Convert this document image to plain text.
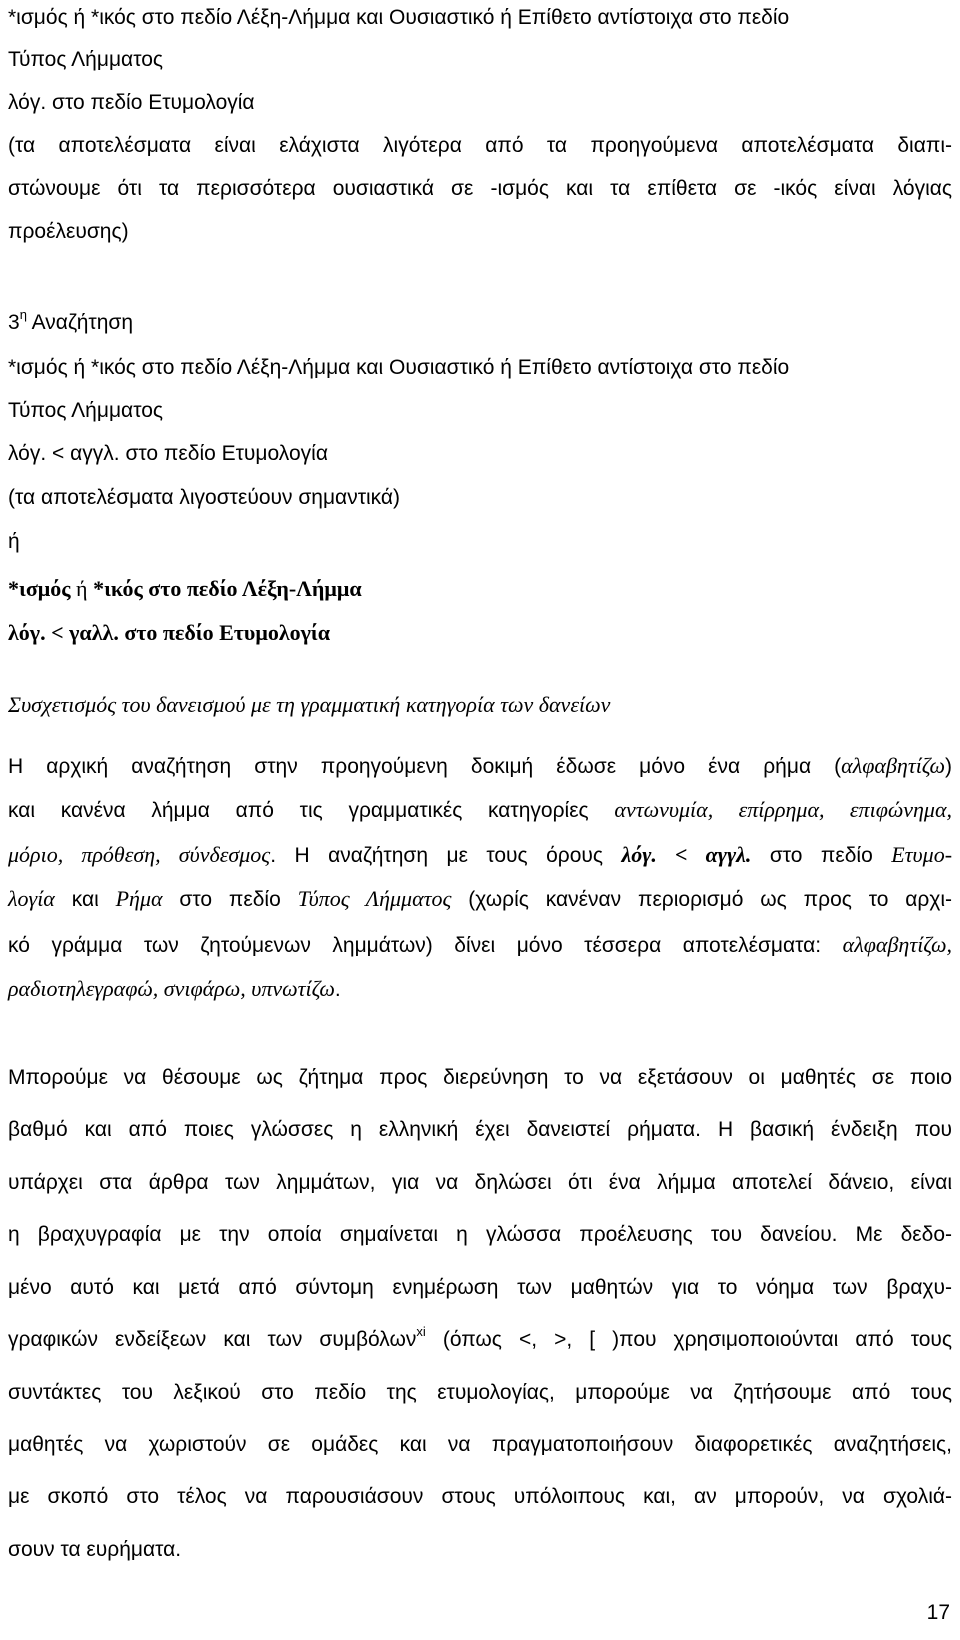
*ισμός ή *ικός στο πεδίο Λέξη-Λήμμα και Ουσιαστικό ή Επίθετο αντίστοιχα στο πεδίο
Τύπος Λήμματος
λόγ. στο πεδίο Ετυμολογία
(τα αποτελέσματα είναι ελάχιστα λιγότερα από τα προηγούμενα αποτελέσματα διαπι-
στώνουμε ότι τα περισσότερα ουσιαστικά σε -ισμός και τα επίθετα σε -ικός είναι λόγιας
προέλευσης)
$3^\eta$ Αναζήτηση
*ισμός ή *ικός στο πεδίο Λέξη-Λήμμα και Ουσιαστικό ή Επίθετο αντίστοιχα στο πεδίο
Τύπος Λήμματος
λόγ. < αγγλ. στο πεδίο Ετυμολογία
(τα αποτελέσματα λιγοστεύουν σημαντικά)
ή
*ισμός ή *ικός στο πεδίο Λέξη-Λήμμα
λόγ. < γαλλ. στο πεδίο Ετυμολογία
Συσχετισμός του δανεισμού με τη γραμματική κατηγορία των δανείων
Η αρχική αναζήτηση στην προηγούμενη δοκιμή έδωσε μόνο ένα ρήμα (αλφαβητίζω)
και κανένα λήμμα από τις γραμματικές κατηγορίες αντωνυμία, επίρρημα, επιφώνημα,
μόριο, πρόθεση, σύνδεσμος. Η αναζήτηση με τους όρους λόγ. < αγγλ. στο πεδίο Ετυμο-
λογία και Ρήμα στο πεδίο Τύπος Λήμματος (χωρίς κανέναν περιορισμό ως προς το αρχι-
κό γράμμα των ζητούμενων λημμάτων) δίνει μόνο τέσσερα αποτελέσματα: αλφαβητίζω,
ραδιοτηλεγραφώ, σνιφάρω, υπνωτίζω.
Μπορούμε να θέσουμε ως ζήτημα προς διερεύνηση το να εξετάσουν οι μαθητές σε ποιο
βαθμό και από ποιες γλώσσες η ελληνική έχει δανειστεί ρήματα. Η βασική ένδειξη που
υπάρχει στα άρθρα των λημμάτων, για να δηλώσει ότι ένα λήμμα αποτελεί δάνειο, είναι
η βραχυγραφία με την οποία σημαίνεται η γλώσσα προέλευσης του δανείου. Με δεδο-
μένο αυτό και μετά από σύντομη ενημέρωση των μαθητών για το νόημα των βραχυ-
γραφικών ενδείξεων και των συμβόλων$^{xi}$ (όπως <, >, [ )που χρησιμοποιούνται από τους
συντάκτες του λεξικού στο πεδίο της ετυμολογίας, μπορούμε να ζητήσουμε από τους
μαθητές να χωριστούν σε ομάδες και να πραγματοποιήσουν διαφορετικές αναζητήσεις,
με σκοπό στο τέλος να παρουσιάσουν στους υπόλοιπους και, αν μπορούν, να σχολιά-
σουν τα ευρήματα.
17
